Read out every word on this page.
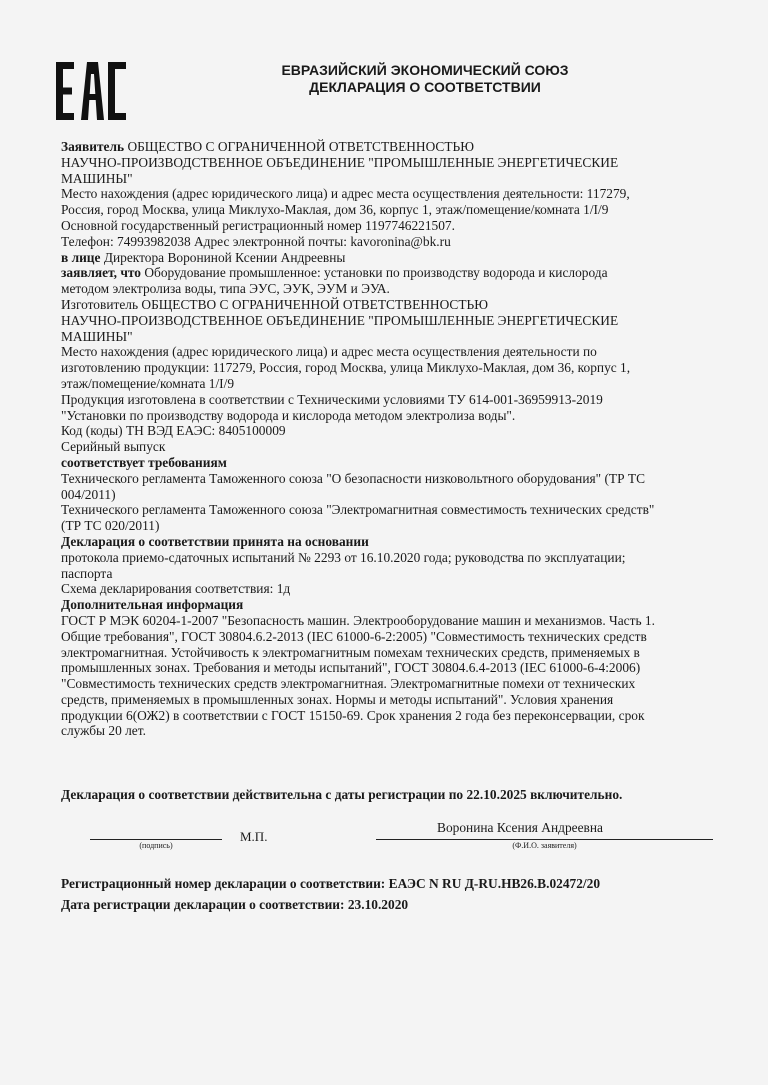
ЕВРАЗИЙСКИЙ ЭКОНОМИЧЕСКИЙ СОЮЗ
ДЕКЛАРАЦИЯ О СООТВЕТСТВИИ

Заявитель ОБЩЕСТВО С ОГРАНИЧЕННОЙ ОТВЕТСТВЕННОСТЬЮ

НАУЧНО-ПРОИЗВОДСТВЕННОЕ ОБЪЕДИНЕНИЕ "ПРОМЫШЛЕННЫЕ ЭНЕРГЕТИЧЕСКИЕ

МАШИНЫ"

Место нахождения (адрес юридического лица) и адрес места осуществления деятельности: 117279,

Россия, город Москва, улица Миклухо-Маклая, дом 36, корпус 1, этаж/помещение/комната 1/I/9

Основной государственный регистрационный номер 1197746221507.

Телефон: 74993982038 Адрес электронной почты: kavoronina@bk.ru

в лице Директора Ворониной Ксении Андреевны

заявляет, что Оборудование промышленное: установки по производству водорода и кислорода

методом электролиза воды, типа ЭУС, ЭУК, ЭУМ и ЭУА.

Изготовитель ОБЩЕСТВО С ОГРАНИЧЕННОЙ ОТВЕТСТВЕННОСТЬЮ

НАУЧНО-ПРОИЗВОДСТВЕННОЕ ОБЪЕДИНЕНИЕ "ПРОМЫШЛЕННЫЕ ЭНЕРГЕТИЧЕСКИЕ

МАШИНЫ"

Место нахождения (адрес юридического лица) и адрес места осуществления деятельности по

изготовлению продукции: 117279, Россия, город Москва, улица Миклухо-Маклая, дом 36, корпус 1,

этаж/помещение/комната 1/I/9

Продукция изготовлена в соответствии с Техническими условиями ТУ 614-001-36959913-2019

"Установки по производству водорода и кислорода методом электролиза воды".

Код (коды) ТН ВЭД ЕАЭС: 8405100009

Серийный выпуск

соответствует требованиям

Технического регламента Таможенного союза "О безопасности низковольтного оборудования" (ТР ТС

004/2011)

Технического регламента Таможенного союза "Электромагнитная совместимость технических средств"

(ТР ТС 020/2011)

Декларация о соответствии принята на основании

протокола приемо-сдаточных испытаний № 2293 от 16.10.2020 года; руководства по эксплуатации;

паспорта

Схема декларирования соответствия: 1д

Дополнительная информация

ГОСТ Р МЭК 60204-1-2007 "Безопасность машин. Электрооборудование машин и механизмов. Часть 1.

Общие требования", ГОСТ 30804.6.2-2013 (IEC 61000-6-2:2005) "Совместимость технических средств

электромагнитная. Устойчивость к электромагнитным помехам технических средств, применяемых в

промышленных зонах. Требования и методы испытаний", ГОСТ 30804.6.4-2013 (IEC 61000-6-4:2006)

"Совместимость технических средств электромагнитная. Электромагнитные помехи от технических

средств, применяемых в промышленных зонах. Нормы и методы испытаний". Условия хранения

продукции 6(ОЖ2) в соответствии с ГОСТ 15150-69. Срок хранения 2 года без переконсервации, срок

службы 20 лет.

Декларация о соответствии действительна с даты регистрации по 22.10.2025 включительно.
(подпись)
М.П.
Воронина Ксения Андреевна
(Ф.И.О. заявителя)
Регистрационный номер декларации о соответствии: ЕАЭС N RU Д-RU.НВ26.В.02472/20
Дата регистрации декларации о соответствии: 23.10.2020
